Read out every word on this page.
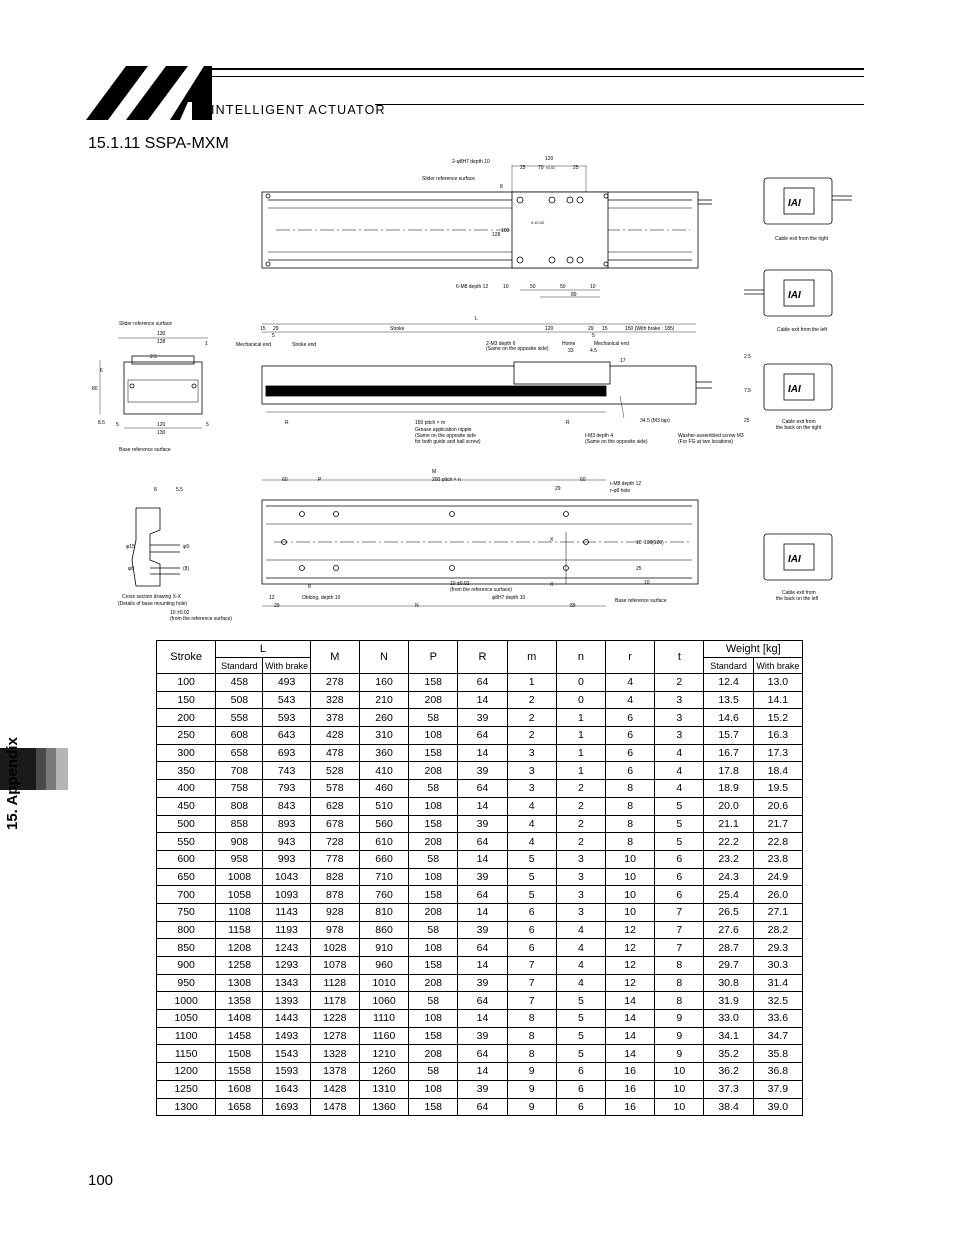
INTELLIGENT ACTUATOR
15.1.11 SSPA-MXM
2-φ8H7 depth 10
Slider reference surface
120
25 70 ±0.02	25
8
128
100
9 ±0.02
6-M8 depth 12	10	50	50	10
89
L
15 29
5
Stroke	120	29 15	150 (With brake : 185)
5
Mechanical end	Stroke end	2-M3 depth 6
(Same on the opposite side)	33
Home	Mechanical end
4.5
17
R	150 pitch × m
Grease application nipple
(Same on the opposite side
for both guide and ball screw)
R
t-M3 depth 4
(Same on the opposite side)
34.5 (M3 tap)
Washer-assembled screw M3
(For FG at two locations)
Slider reference surface
130
128	1
2.5
80
6
8.5 5	120
130
5
Base reference surface
M
60	P	200 pitch × n	60
29
r-M8 depth 12
r-φ9 hole
10 100 (120)
25
10
X
X
10 ±0.02
(from the reference surface)
φ8H7 depth 10
12
29
Oblong, depth 10
8
N	89
Base reference surface
8	5.5
φ15	φ9
φ8	(8)
Cross section drawing X-X
(Details of base mounting hole)
10 ±0.02
(from the reference surface)
Cable exit from the right
Cable exit from the left
Cable exit from
the back on the right
Cable exit from
the back on the left
2.5
7.5
25
IAI
IAI
IAI
IAI
Stroke	L		M	N	P	R	m	n	r	t	Weight [kg]	
	Standard	With brake									Standard	With brake
100	458	493	278	160	158	64	1	0	4	2	12.4	13.0
150	508	543	328	210	208	14	2	0	4	3	13.5	14.1
200	558	593	378	260	58	39	2	1	6	3	14.6	15.2
250	608	643	428	310	108	64	2	1	6	3	15.7	16.3
300	658	693	478	360	158	14	3	1	6	4	16.7	17.3
350	708	743	528	410	208	39	3	1	6	4	17.8	18.4
400	758	793	578	460	58	64	3	2	8	4	18.9	19.5
450	808	843	628	510	108	14	4	2	8	5	20.0	20.6
500	858	893	678	560	158	39	4	2	8	5	21.1	21.7
550	908	943	728	610	208	64	4	2	8	5	22.2	22.8
600	958	993	778	660	58	14	5	3	10	6	23.2	23.8
650	1008	1043	828	710	108	39	5	3	10	6	24.3	24.9
700	1058	1093	878	760	158	64	5	3	10	6	25.4	26.0
750	1108	1143	928	810	208	14	6	3	10	7	26.5	27.1
800	1158	1193	978	860	58	39	6	4	12	7	27.6	28.2
850	1208	1243	1028	910	108	64	6	4	12	7	28.7	29.3
900	1258	1293	1078	960	158	14	7	4	12	8	29.7	30.3
950	1308	1343	1128	1010	208	39	7	4	12	8	30.8	31.4
1000	1358	1393	1178	1060	58	64	7	5	14	8	31.9	32.5
1050	1408	1443	1228	1110	108	14	8	5	14	9	33.0	33.6
1100	1458	1493	1278	1160	158	39	8	5	14	9	34.1	34.7
1150	1508	1543	1328	1210	208	64	8	5	14	9	35.2	35.8
1200	1558	1593	1378	1260	58	14	9	6	16	10	36.2	36.8
1250	1608	1643	1428	1310	108	39	9	6	16	10	37.3	37.9
1300	1658	1693	1478	1360	158	64	9	6	16	10	38.4	39.0
15. Appendix
100
